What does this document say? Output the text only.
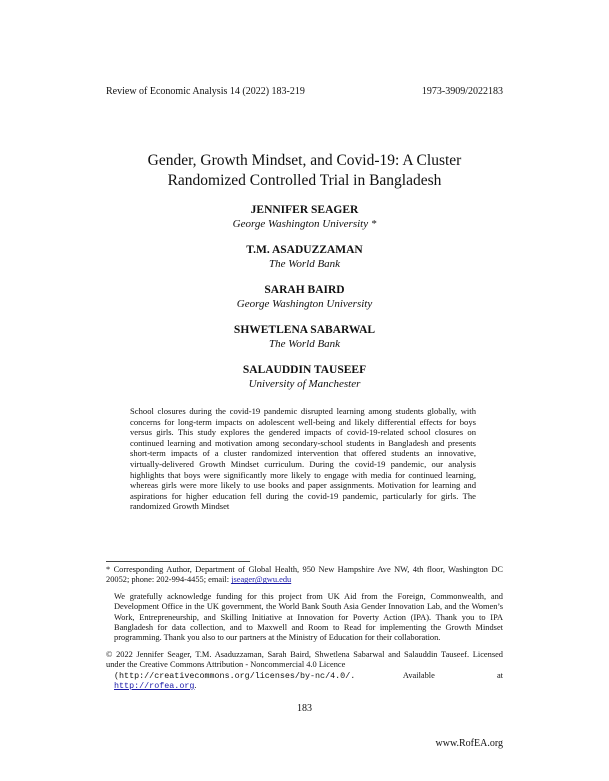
Review of Economic Analysis 14 (2022) 183-219	1973-3909/2022183
Gender, Growth Mindset, and Covid-19: A Cluster
Randomized Controlled Trial in Bangladesh
JENNIFER SEAGER
George Washington University *
T.M. ASADUZZAMAN
The World Bank
SARAH BAIRD
George Washington University
SHWETLENA SABARWAL
The World Bank
SALAUDDIN TAUSEEF
University of Manchester
School closures during the covid-19 pandemic disrupted learning among students globally, with concerns for long-term impacts on adolescent well-being and likely differential effects for boys versus girls. This study explores the gendered impacts of covid-19-related school closures on continued learning and motivation among secondary-school students in Bangladesh and presents short-term impacts of a cluster randomized intervention that offered students an innovative, virtually-delivered Growth Mindset curriculum. During the covid-19 pandemic, our analysis highlights that boys were significantly more likely to engage with media for continued learning, whereas girls were more likely to use books and paper assignments. Motivation for learning and aspirations for higher education fell during the covid-19 pandemic, particularly for girls. The randomized Growth Mindset

* Corresponding Author, Department of Global Health, 950 New Hampshire Ave NW, 4th floor, Washington DC 20052; phone: 202-994-4455; email: jseager@gwu.edu

We gratefully acknowledge funding for this project from UK Aid from the Foreign, Commonwealth, and Development Office in the UK government, the World Bank South Asia Gender Innovation Lab, and the Women’s Work, Entrepreneurship, and Skilling Initiative at Innovation for Poverty Action (IPA). Thank you to IPA Bangladesh for data collection, and to Maxwell and Room to Read for implementing the Growth Mindset programming. Thank you also to our partners at the Ministry of Education for their collaboration.

© 2022 Jennifer Seager, T.M. Asaduzzaman, Sarah Baird, Shwetlena Sabarwal and Salauddin Tauseef. Licensed under the Creative Commons Attribution - Noncommercial 4.0 Licence

(http://creativecommons.org/licenses/by-nc/4.0/.	Available at
http://rofea.org.

183
www.RofEA.org
